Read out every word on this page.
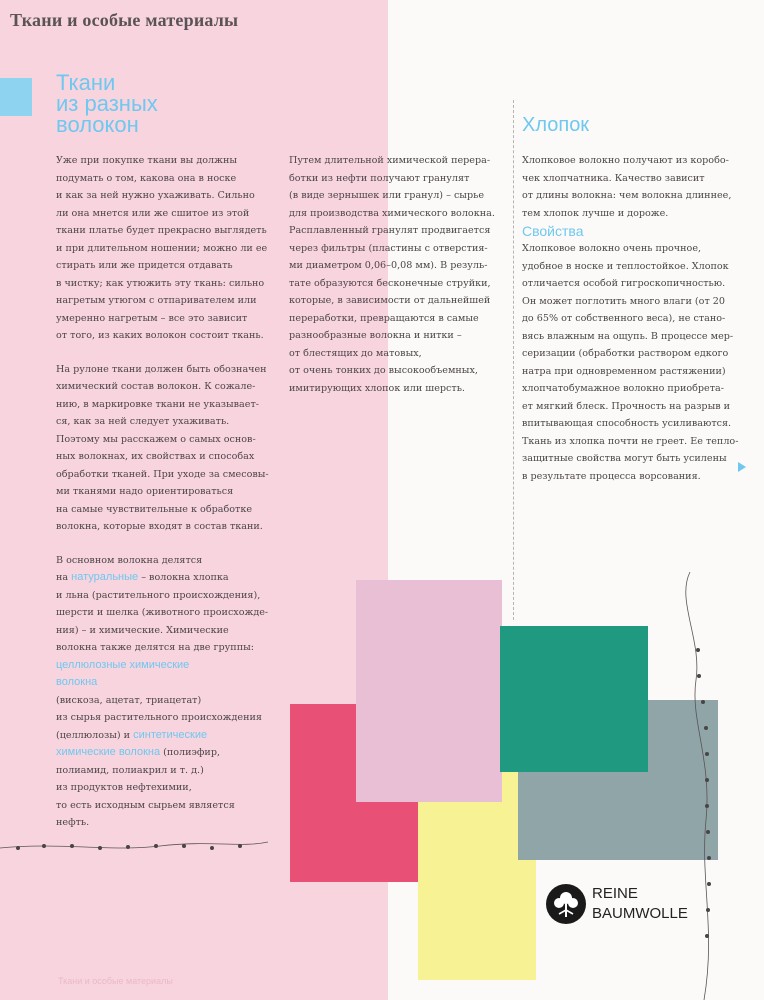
Ткани и особые материалы
Ткани
из разных
волокон

Уже при покупке ткани вы должны

подумать о том, какова она в носке

и как за ней нужно ухаживать. Сильно

ли она мнется или же сшитое из этой

ткани платье будет прекрасно выглядеть

и при длительном ношении; можно ли ее

стирать или же придется отдавать

в чистку; как утюжить эту ткань: сильно

нагретым утюгом с отпаривателем или

умеренно нагретым – все это зависит

от того, из каких волокон состоит ткань.

На рулоне ткани должен быть обозначен

химический состав волокон. К сожале-

нию, в маркировке ткани не указывает-

ся, как за ней следует ухаживать.

Поэтому мы расскажем о самых основ-

ных волокнах, их свойствах и способах

обработки тканей. При уходе за смесовы-

ми тканями надо ориентироваться

на самые чувствительные к обработке

волокна, которые входят в состав ткани.

В основном волокна делятся

на натуральные – волокна хлопка

и льна (растительного происхождения),

шерсти и шелка (животного происхожде-

ния) – и химические. Химические

волокна также делятся на две группы:

целлюлозные химические

волокна

(вискоза, ацетат, триацетат)

из сырья растительного происхождения

(целлюлозы) и синтетические

химические волокна (полиэфир,

полиамид, полиакрил и т. д.)

из продуктов нефтехимии,

то есть исходным сырьем является

нефть.

Путем длительной химической перера-

ботки из нефти получают гранулят

(в виде зернышек или гранул) – сырье

для производства химического волокна.

Расплавленный гранулят продвигается

через фильтры (пластины с отверстия-

ми диаметром 0,06–0,08 мм). В резуль-

тате образуются бесконечные струйки,

которые, в зависимости от дальнейшей

переработки, превращаются в самые

разнообразные волокна и нитки –

от блестящих до матовых,

от очень тонких до высокообъемных,

имитирующих хлопок или шерсть.

Хлопок

Хлопковое волокно получают из коробо-

чек хлопчатника. Качество зависит

от длины волокна: чем волокна длиннее,

тем хлопок лучше и дороже.

Свойства

Хлопковое волокно очень прочное,

удобное в носке и теплостойкое. Хлопок

отличается особой гигроскопичностью.

Он может поглотить много влаги (от 20

до 65% от собственного веса), не стано-

вясь влажным на ощупь. В процессе мер-

серизации (обработки раствором едкого

натра при одновременном растяжении)

хлопчатобумажное волокно приобрета-

ет мягкий блеск. Прочность на разрыв и

впитывающая способность усиливаются.

Ткань из хлопка почти не греет. Ее тепло-

защитные свойства могут быть усилены

в результате процесса ворсования.

REINE
BAUMWOLLE
Ткани и особые материалы
